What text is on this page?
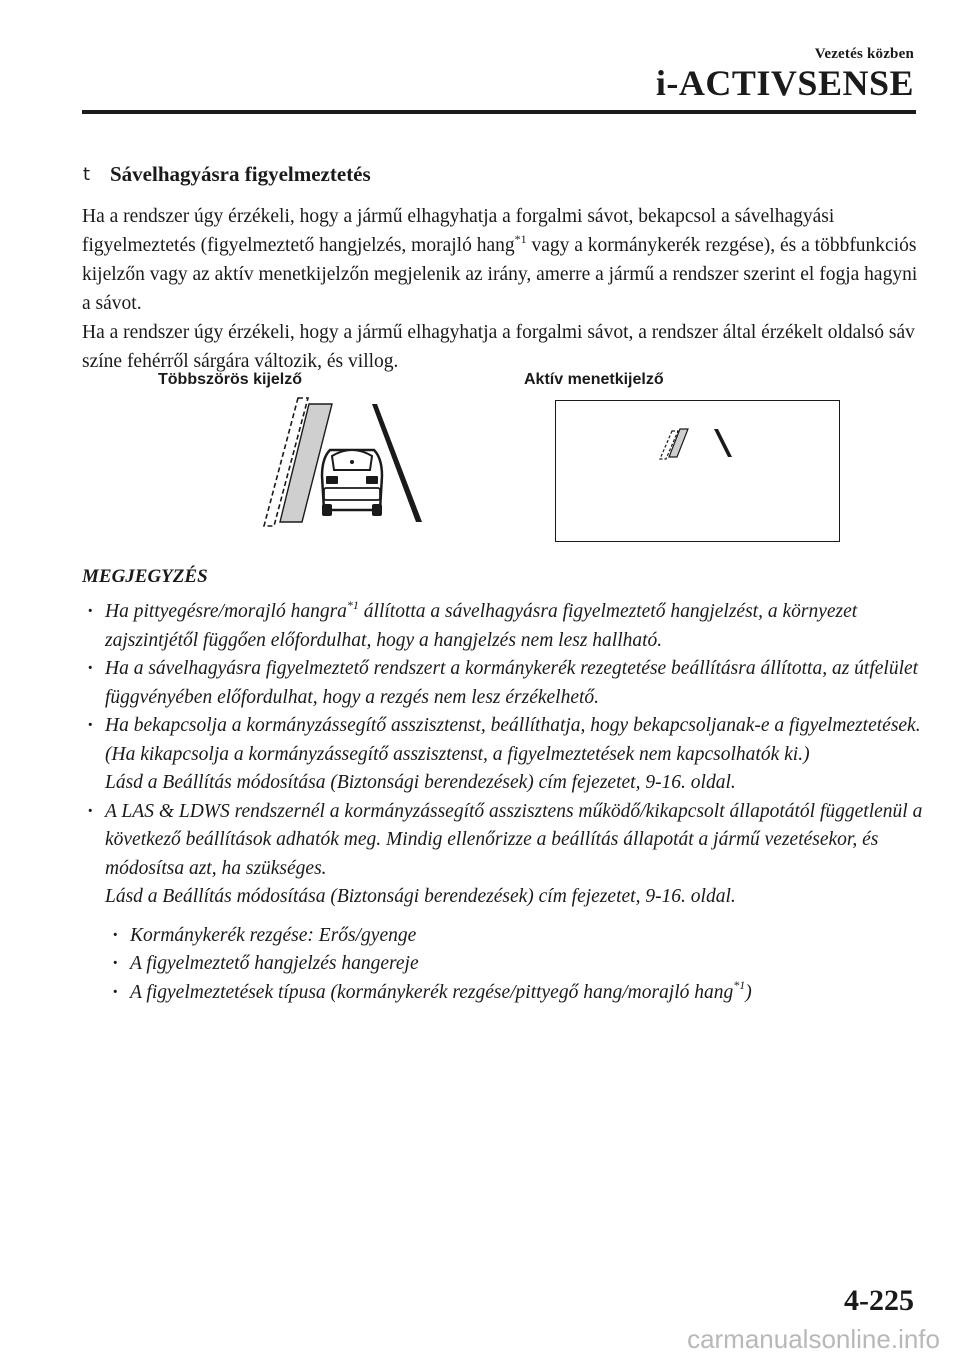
Vezetés közben
i-ACTIVSENSE
t Sávelhagyásra figyelmeztetés

Ha a rendszer úgy érzékeli, hogy a jármű elhagyhatja a forgalmi sávot, bekapcsol a sávelhagyási figyelmeztetés (figyelmeztető hangjelzés, morajló hang$^{*1}$ vagy a kormánykerék rezgése), és a többfunkciós kijelzőn vagy az aktív menetkijelzőn megjelenik az irány, amerre a jármű a rendszer szerint el fogja hagyni a sávot.

Ha a rendszer úgy érzékeli, hogy a jármű elhagyhatja a forgalmi sávot, a rendszer által érzékelt oldalsó sáv színe fehérről sárgára változik, és villog.

Többszörös kijelző	Aktív menetkijelző
MEGJEGYZÉS

· Ha pittyegésre/morajló hangra$^{*1}$ állította a sávelhagyásra figyelmeztető hangjelzést, a környezet zajszintjétől függően előfordulhat, hogy a hangjelzés nem lesz hallható.

· Ha a sávelhagyásra figyelmeztető rendszert a kormánykerék rezegtetése beállításra állította, az útfelület függvényében előfordulhat, hogy a rezgés nem lesz érzékelhető.

· Ha bekapcsolja a kormányzássegítő asszisztenst, beállíthatja, hogy bekapcsoljanak-e a figyelmeztetések. (Ha kikapcsolja a kormányzássegítő asszisztenst, a figyelmeztetések nem kapcsolhatók ki.)

Lásd a Beállítás módosítása (Biztonsági berendezések) cím fejezetet, 9-16. oldal.

· A LAS & LDWS rendszernél a kormányzássegítő asszisztens működő/kikapcsolt állapotától függetlenül a következő beállítások adhatók meg. Mindig ellenőrizze a beállítás állapotát a jármű vezetésekor, és módosítsa azt, ha szükséges.

Lásd a Beállítás módosítása (Biztonsági berendezések) cím fejezetet, 9-16. oldal.

· Kormánykerék rezgése: Erős/gyenge

· A figyelmeztető hangjelzés hangereje

· A figyelmeztetések típusa (kormánykerék rezgése/pittyegő hang/morajló hang$^{*1}$)

4-225
carmanualsonline.info
